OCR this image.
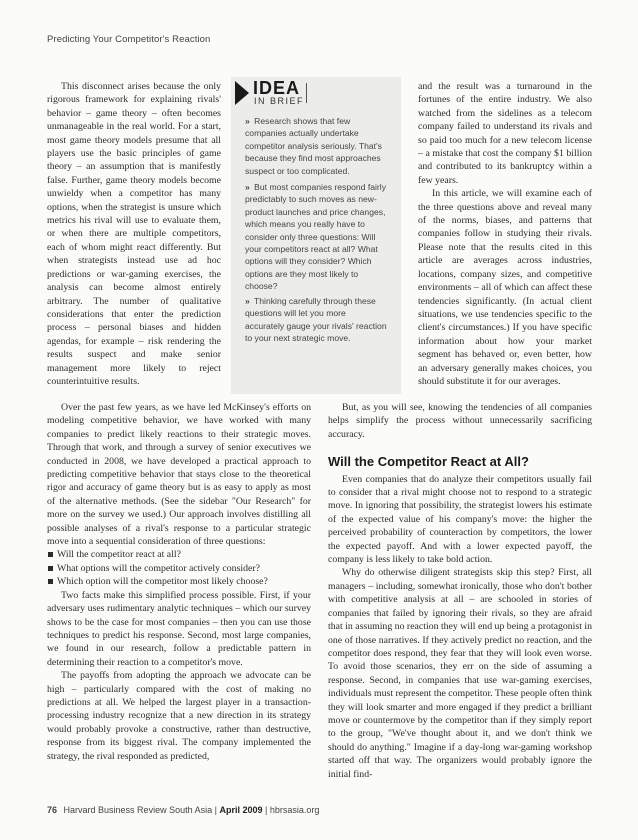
Predicting Your Competitor's Reaction

This disconnect arises because the only rigorous framework for explaining rivals' behavior – game theory – often becomes unmanageable in the real world. For a start, most game theory models presume that all players use the basic principles of game theory – an assumption that is manifestly false. Further, game theory models become unwieldy when a competitor has many options, when the strategist is unsure which metrics his rival will use to evaluate them, or when there are multiple competitors, each of whom might react differently. But when strategists instead use ad hoc predictions or war-gaming exercises, the analysis can become almost entirely arbitrary. The number of qualitative considerations that enter the prediction process – personal biases and hidden agendas, for example – risk rendering the results suspect and make senior management more likely to reject counterintuitive results.

IDEA
IN BRIEF
» Research shows that few companies actually undertake competitor analysis seriously. That's because they find most approaches suspect or too complicated.
» But most companies respond fairly predictably to such moves as new-product launches and price changes, which means you really have to consider only three questions: Will your competitors react at all? What options will they consider? Which options are they most likely to choose?
» Thinking carefully through these questions will let you more accurately gauge your rivals' reaction to your next strategic move.

and the result was a turnaround in the fortunes of the entire industry. We also watched from the sidelines as a telecom company failed to understand its rivals and so paid too much for a new telecom license – a mistake that cost the company $1 billion and contributed to its bankruptcy within a few years.

In this article, we will examine each of the three questions above and reveal many of the norms, biases, and patterns that companies follow in studying their rivals. Please note that the results cited in this article are averages across industries, locations, company sizes, and competitive environments – all of which can affect these tendencies significantly. (In actual client situations, we use tendencies specific to the client's circumstances.) If you have specific information about how your market segment has behaved or, even better, how an adversary generally makes choices, you should substitute it for our averages.

Over the past few years, as we have led McKinsey's efforts on modeling competitive behavior, we have worked with many companies to predict likely reactions to their strategic moves. Through that work, and through a survey of senior executives we conducted in 2008, we have developed a practical approach to predicting competitive behavior that stays close to the theoretical rigor and accuracy of game theory but is as easy to apply as most of the alternative methods. (See the sidebar "Our Research" for more on the survey we used.) Our approach involves distilling all possible analyses of a rival's response to a particular strategic move into a sequential consideration of three questions:

Will the competitor react at all?
What options will the competitor actively consider?
Which option will the competitor most likely choose?

Two facts make this simplified process possible. First, if your adversary uses rudimentary analytic techniques – which our survey shows to be the case for most companies – then you can use those techniques to predict his response. Second, most large companies, we found in our research, follow a predictable pattern in determining their reaction to a competitor's move.

The payoffs from adopting the approach we advocate can be high – particularly compared with the cost of making no predictions at all. We helped the largest player in a transaction-processing industry recognize that a new direction in its strategy would probably provoke a constructive, rather than destructive, response from its biggest rival. The company implemented the strategy, the rival responded as predicted,

But, as you will see, knowing the tendencies of all companies helps simplify the process without unnecessarily sacrificing accuracy.

Will the Competitor React at All?

Even companies that do analyze their competitors usually fail to consider that a rival might choose not to respond to a strategic move. In ignoring that possibility, the strategist lowers his estimate of the expected value of his company's move: the higher the perceived probability of counteraction by competitors, the lower the expected payoff. And with a lower expected payoff, the company is less likely to take bold action.

Why do otherwise diligent strategists skip this step? First, all managers – including, somewhat ironically, those who don't bother with competitive analysis at all – are schooled in stories of companies that failed by ignoring their rivals, so they are afraid that in assuming no reaction they will end up being a protagonist in one of those narratives. If they actively predict no reaction, and the competitor does respond, they fear that they will look even worse. To avoid those scenarios, they err on the side of assuming a response. Second, in companies that use war-gaming exercises, individuals must represent the competitor. These people often think they will look smarter and more engaged if they predict a brilliant move or countermove by the competitor than if they simply report to the group, "We've thought about it, and we don't think we should do anything." Imagine if a day-long war-gaming workshop started off that way. The organizers would probably ignore the initial find-

76 Harvard Business Review South Asia | April 2009 | hbrsasia.org
